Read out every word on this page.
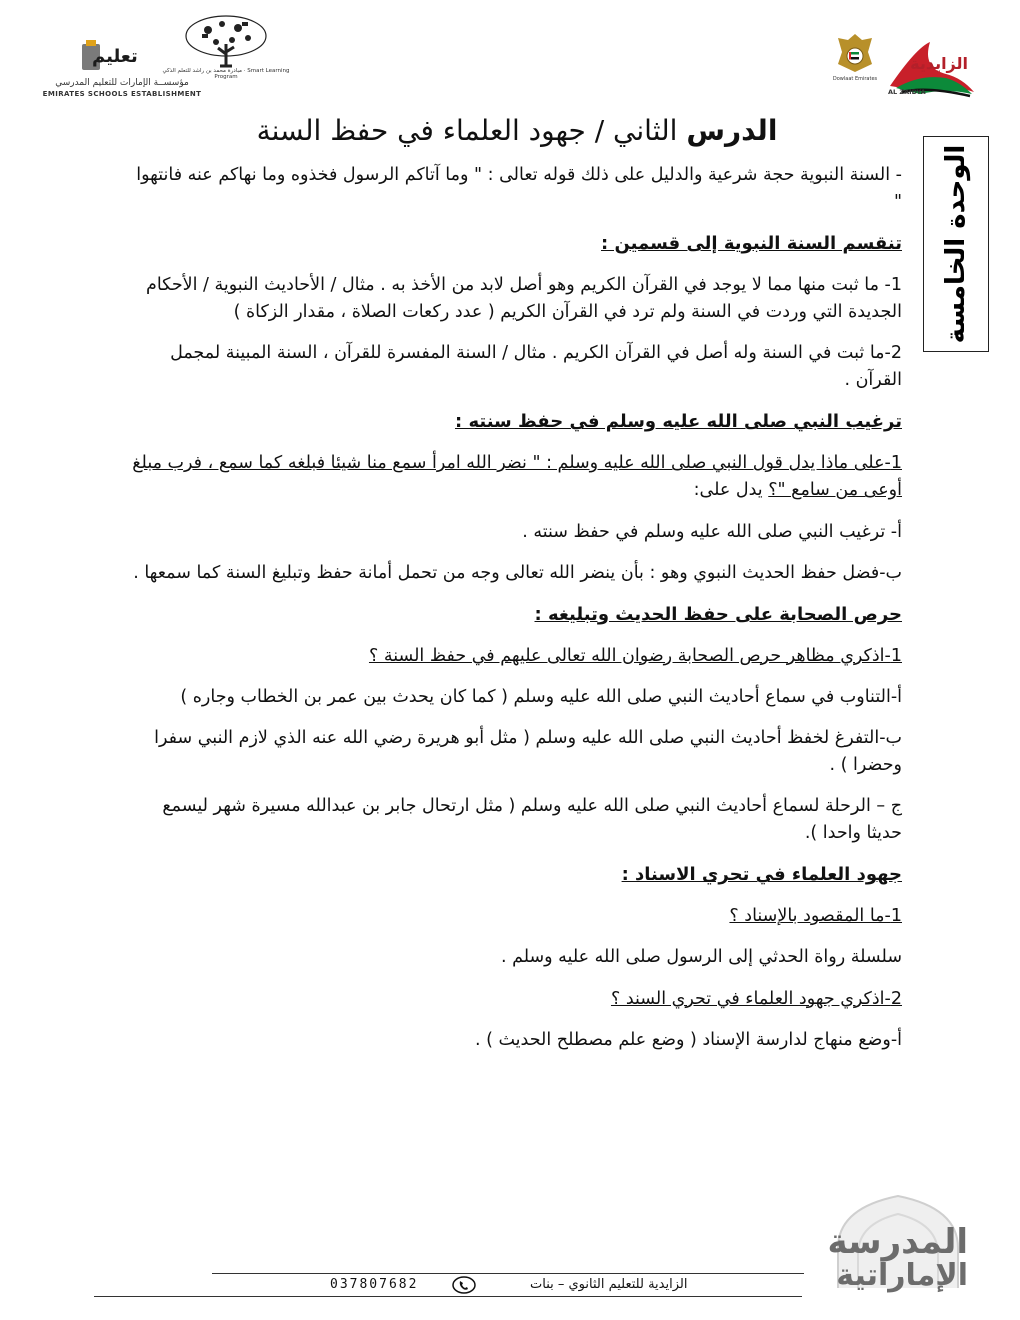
تعليم
مؤسســة الإمارات للتعليم المدرسي
EMIRATES SCHOOLS ESTABLISHMENT
مبادرة محمد بن راشد للتعلم الذكي · Smart Learning Program	Dowlaat Emirates
الزايدية
AL ZAIDYA
الوحدة الخامسة
الدرس الثاني / جهود العلماء في حفظ السنة

- السنة النبوية حجة شرعية والدليل على ذلك قوله تعالى : " وما آتاكم الرسول فخذوه وما نهاكم عنه فانتهوا "

تنقسم السنة النبوية إلى قسمين :

1- ما ثبت منها مما لا يوجد في القرآن الكريم وهو أصل لابد من الأخذ به . مثال / الأحاديث النبوية / الأحكام الجديدة التي وردت في السنة ولم ترد في القرآن الكريم ( عدد ركعات الصلاة ، مقدار الزكاة )

2-ما ثبت في السنة وله أصل في القرآن الكريم . مثال / السنة المفسرة للقرآن ، السنة المبينة لمجمل القرآن .

ترغيب النبي صلى الله عليه وسلم في حفظ سنته :

1-على ماذا يدل قول النبي صلى الله عليه وسلم : " نضر الله امرأ سمع منا شيئا فبلغه كما سمع ، فرب مبلغ أوعى من سامع "؟ يدل على:

أ- ترغيب النبي صلى الله عليه وسلم في حفظ سنته .

ب-فضل حفظ الحديث النبوي وهو : بأن ينضر الله تعالى وجه من تحمل أمانة حفظ وتبليغ السنة كما سمعها .

حرص الصحابة على حفظ الحديث وتبليغه :

1-اذكري مظاهر حرص الصحابة رضوان الله تعالى عليهم في حفظ السنة ؟

أ-التناوب في سماع أحاديث النبي صلى الله عليه وسلم ( كما كان يحدث بين عمر بن الخطاب وجاره )

ب-التفرغ لخفظ أحاديث النبي صلى الله عليه وسلم ( مثل أبو هريرة رضي الله عنه الذي لازم النبي سفرا وحضرا ) .

ج – الرحلة لسماع أحاديث النبي صلى الله عليه وسلم ( مثل ارتحال جابر بن عبدالله مسيرة شهر ليسمع حديثا واحدا ).

جهود العلماء في تحري الاسناد :

1-ما المقصود بالإسناد ؟

سلسلة رواة الحدثي إلى الرسول صلى الله عليه وسلم .

2-اذكري جهود العلماء في تحري السند ؟

أ-وضع منهاج لدارسة الإسناد ( وضع علم مصطلح الحديث ) .

المدرسة
الإماراتية
037807682	الزايدية للتعليم الثانوي – بنات
